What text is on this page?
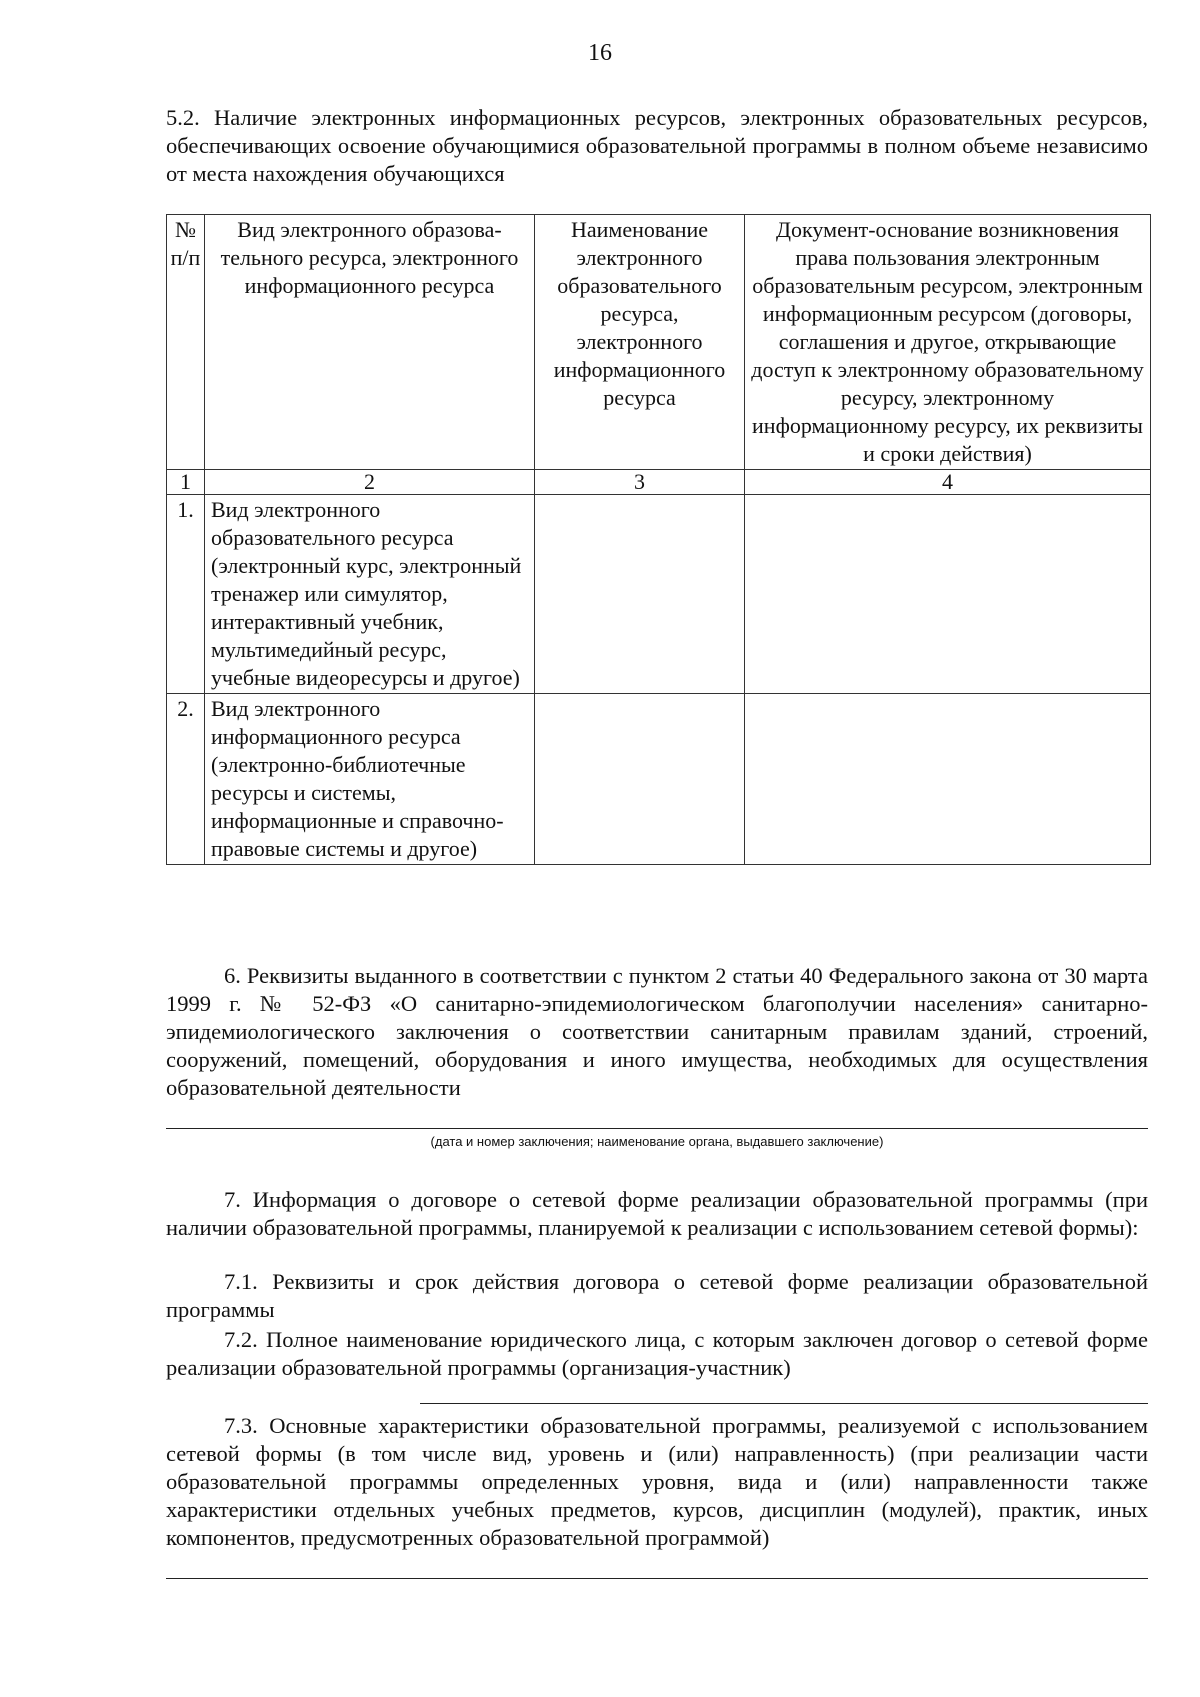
16
5.2. Наличие электронных информационных ресурсов, электронных образовательных ресурсов, обеспечивающих освоение обучающимися образовательной программы в полном объеме независимо от места нахождения обучающихся
№ п/п	Вид электронного образова-тельного ресурса, электронного информационного ресурса	Наименование электронного образовательного ресурса, электронного информационного ресурса	Документ-основание возникновения права пользования электронным образовательным ресурсом, электронным информационным ресурсом (договоры, соглашения и другое, открывающие доступ к электронному образовательному ресурсу, электронному информационному ресурсу, их реквизиты и сроки действия)
1	2	3	4
1.	Вид электронного образовательного ресурса (электронный курс, электронный тренажер или симулятор, интерактивный учебник, мультимедийный ресурс, учебные видеоресурсы и другое)		
2.	Вид электронного информационного ресурса (электронно-библиотечные ресурсы и системы, информационные и справочно-правовые системы и другое)		
6. Реквизиты выданного в соответствии с пунктом 2 статьи 40 Федерального закона от 30 марта 1999 г. № 52-ФЗ «О санитарно-эпидемиологическом благополучии населения» санитарно-эпидемиологического заключения о соответствии санитарным правилам зданий, строений, сооружений, помещений, оборудования и иного имущества, необходимых для осуществления образовательной деятельности
(дата и номер заключения; наименование органа, выдавшего заключение)
7. Информация о договоре о сетевой форме реализации образовательной программы (при наличии образовательной программы, планируемой к реализации с использованием сетевой формы):
7.1. Реквизиты и срок действия договора о сетевой форме реализации образовательной программы
7.2. Полное наименование юридического лица, с которым заключен договор о сетевой форме реализации образовательной программы (организация-участник)
7.3. Основные характеристики образовательной программы, реализуемой с использованием сетевой формы (в том числе вид, уровень и (или) направленность) (при реализации части образовательной программы определенных уровня, вида и (или) направленности также характеристики отдельных учебных предметов, курсов, дисциплин (модулей), практик, иных компонентов, предусмотренных образовательной программой)
